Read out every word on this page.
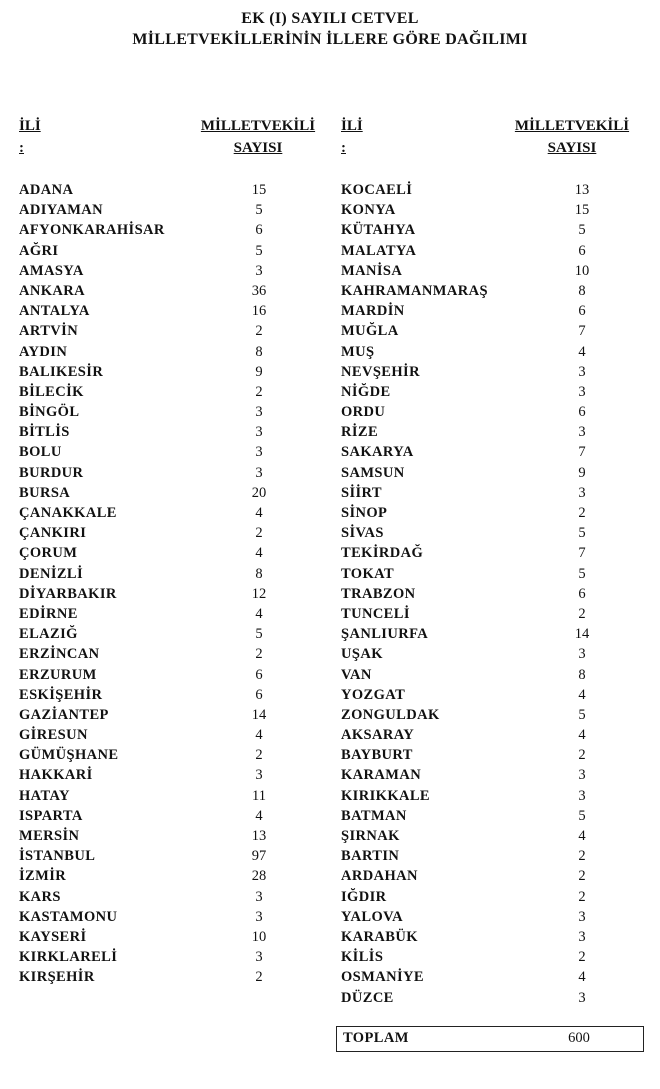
EK (I) SAYILI CETVEL
MİLLETVEKİLLERİNİN İLLERE GÖRE DAĞILIMI
İLİ
:
MİLLETVEKİLİ
SAYISI
İLİ
:
MİLLETVEKİLİ
SAYISI
ADANA	15
ADIYAMAN	5
AFYONKARAHİSAR	6
AĞRI	5
AMASYA	3
ANKARA	36
ANTALYA	16
ARTVİN	2
AYDIN	8
BALIKESİR	9
BİLECİK	2
BİNGÖL	3
BİTLİS	3
BOLU	3
BURDUR	3
BURSA	20
ÇANAKKALE	4
ÇANKIRI	2
ÇORUM	4
DENİZLİ	8
DİYARBAKIR	12
EDİRNE	4
ELAZIĞ	5
ERZİNCAN	2
ERZURUM	6
ESKİŞEHİR	6
GAZİANTEP	14
GİRESUN	4
GÜMÜŞHANE	2
HAKKARİ	3
HATAY	11
ISPARTA	4
MERSİN	13
İSTANBUL	97
İZMİR	28
KARS	3
KASTAMONU	3
KAYSERİ	10
KIRKLARELİ	3
KIRŞEHİR	2
KOCAELİ	13
KONYA	15
KÜTAHYA	5
MALATYA	6
MANİSA	10
KAHRAMANMARAŞ	8
MARDİN	6
MUĞLA	7
MUŞ	4
NEVŞEHİR	3
NİĞDE	3
ORDU	6
RİZE	3
SAKARYA	7
SAMSUN	9
SİİRT	3
SİNOP	2
SİVAS	5
TEKİRDAĞ	7
TOKAT	5
TRABZON	6
TUNCELİ	2
ŞANLIURFA	14
UŞAK	3
VAN	8
YOZGAT	4
ZONGULDAK	5
AKSARAY	4
BAYBURT	2
KARAMAN	3
KIRIKKALE	3
BATMAN	5
ŞIRNAK	4
BARTIN	2
ARDAHAN	2
IĞDIR	2
YALOVA	3
KARABÜK	3
KİLİS	2
OSMANİYE	4
DÜZCE	3
TOPLAM	600
